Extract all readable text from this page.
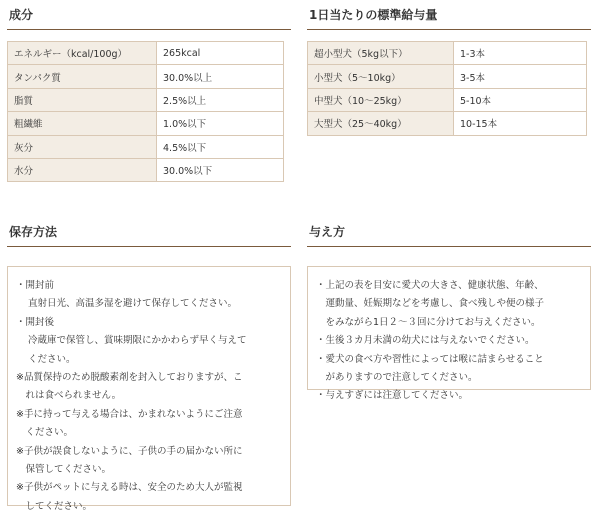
成分
エネルギー（kcal/100g）	265kcal
タンパク質	30.0%以上
脂質	2.5%以上
粗繊維	1.0%以下
灰分	4.5%以下
水分	30.0%以下
1日当たりの標準給与量
超小型犬（5kg以下）	1-3本
小型犬（5～10kg）	3-5本
中型犬（10～25kg）	5-10本
大型犬（25～40kg）	10-15本
保存方法
・開封前
直射日光、高温多湿を避けて保存してください。
・開封後
冷蔵庫で保管し、賞味期限にかかわらず早く与えて
ください。
※品質保持のため脱酸素剤を封入しておりますが、こ
　れは食べられません。
※手に持って与える場合は、かまれないようにご注意
　ください。
※子供が誤食しないように、子供の手の届かない所に
　保管してください。
※子供がペットに与える時は、安全のため大人が監視
　してください。
与え方
・上記の表を目安に愛犬の大きさ、健康状態、年齢、
　運動量、妊娠期などを考慮し、食べ残しや便の様子
　をみながら1日２～３回に分けてお与えください。
・生後３カ月未満の幼犬には与えないでください。
・愛犬の食べ方や習性によっては喉に詰まらせること
　がありますので注意してください。
・与えすぎには注意してください。
